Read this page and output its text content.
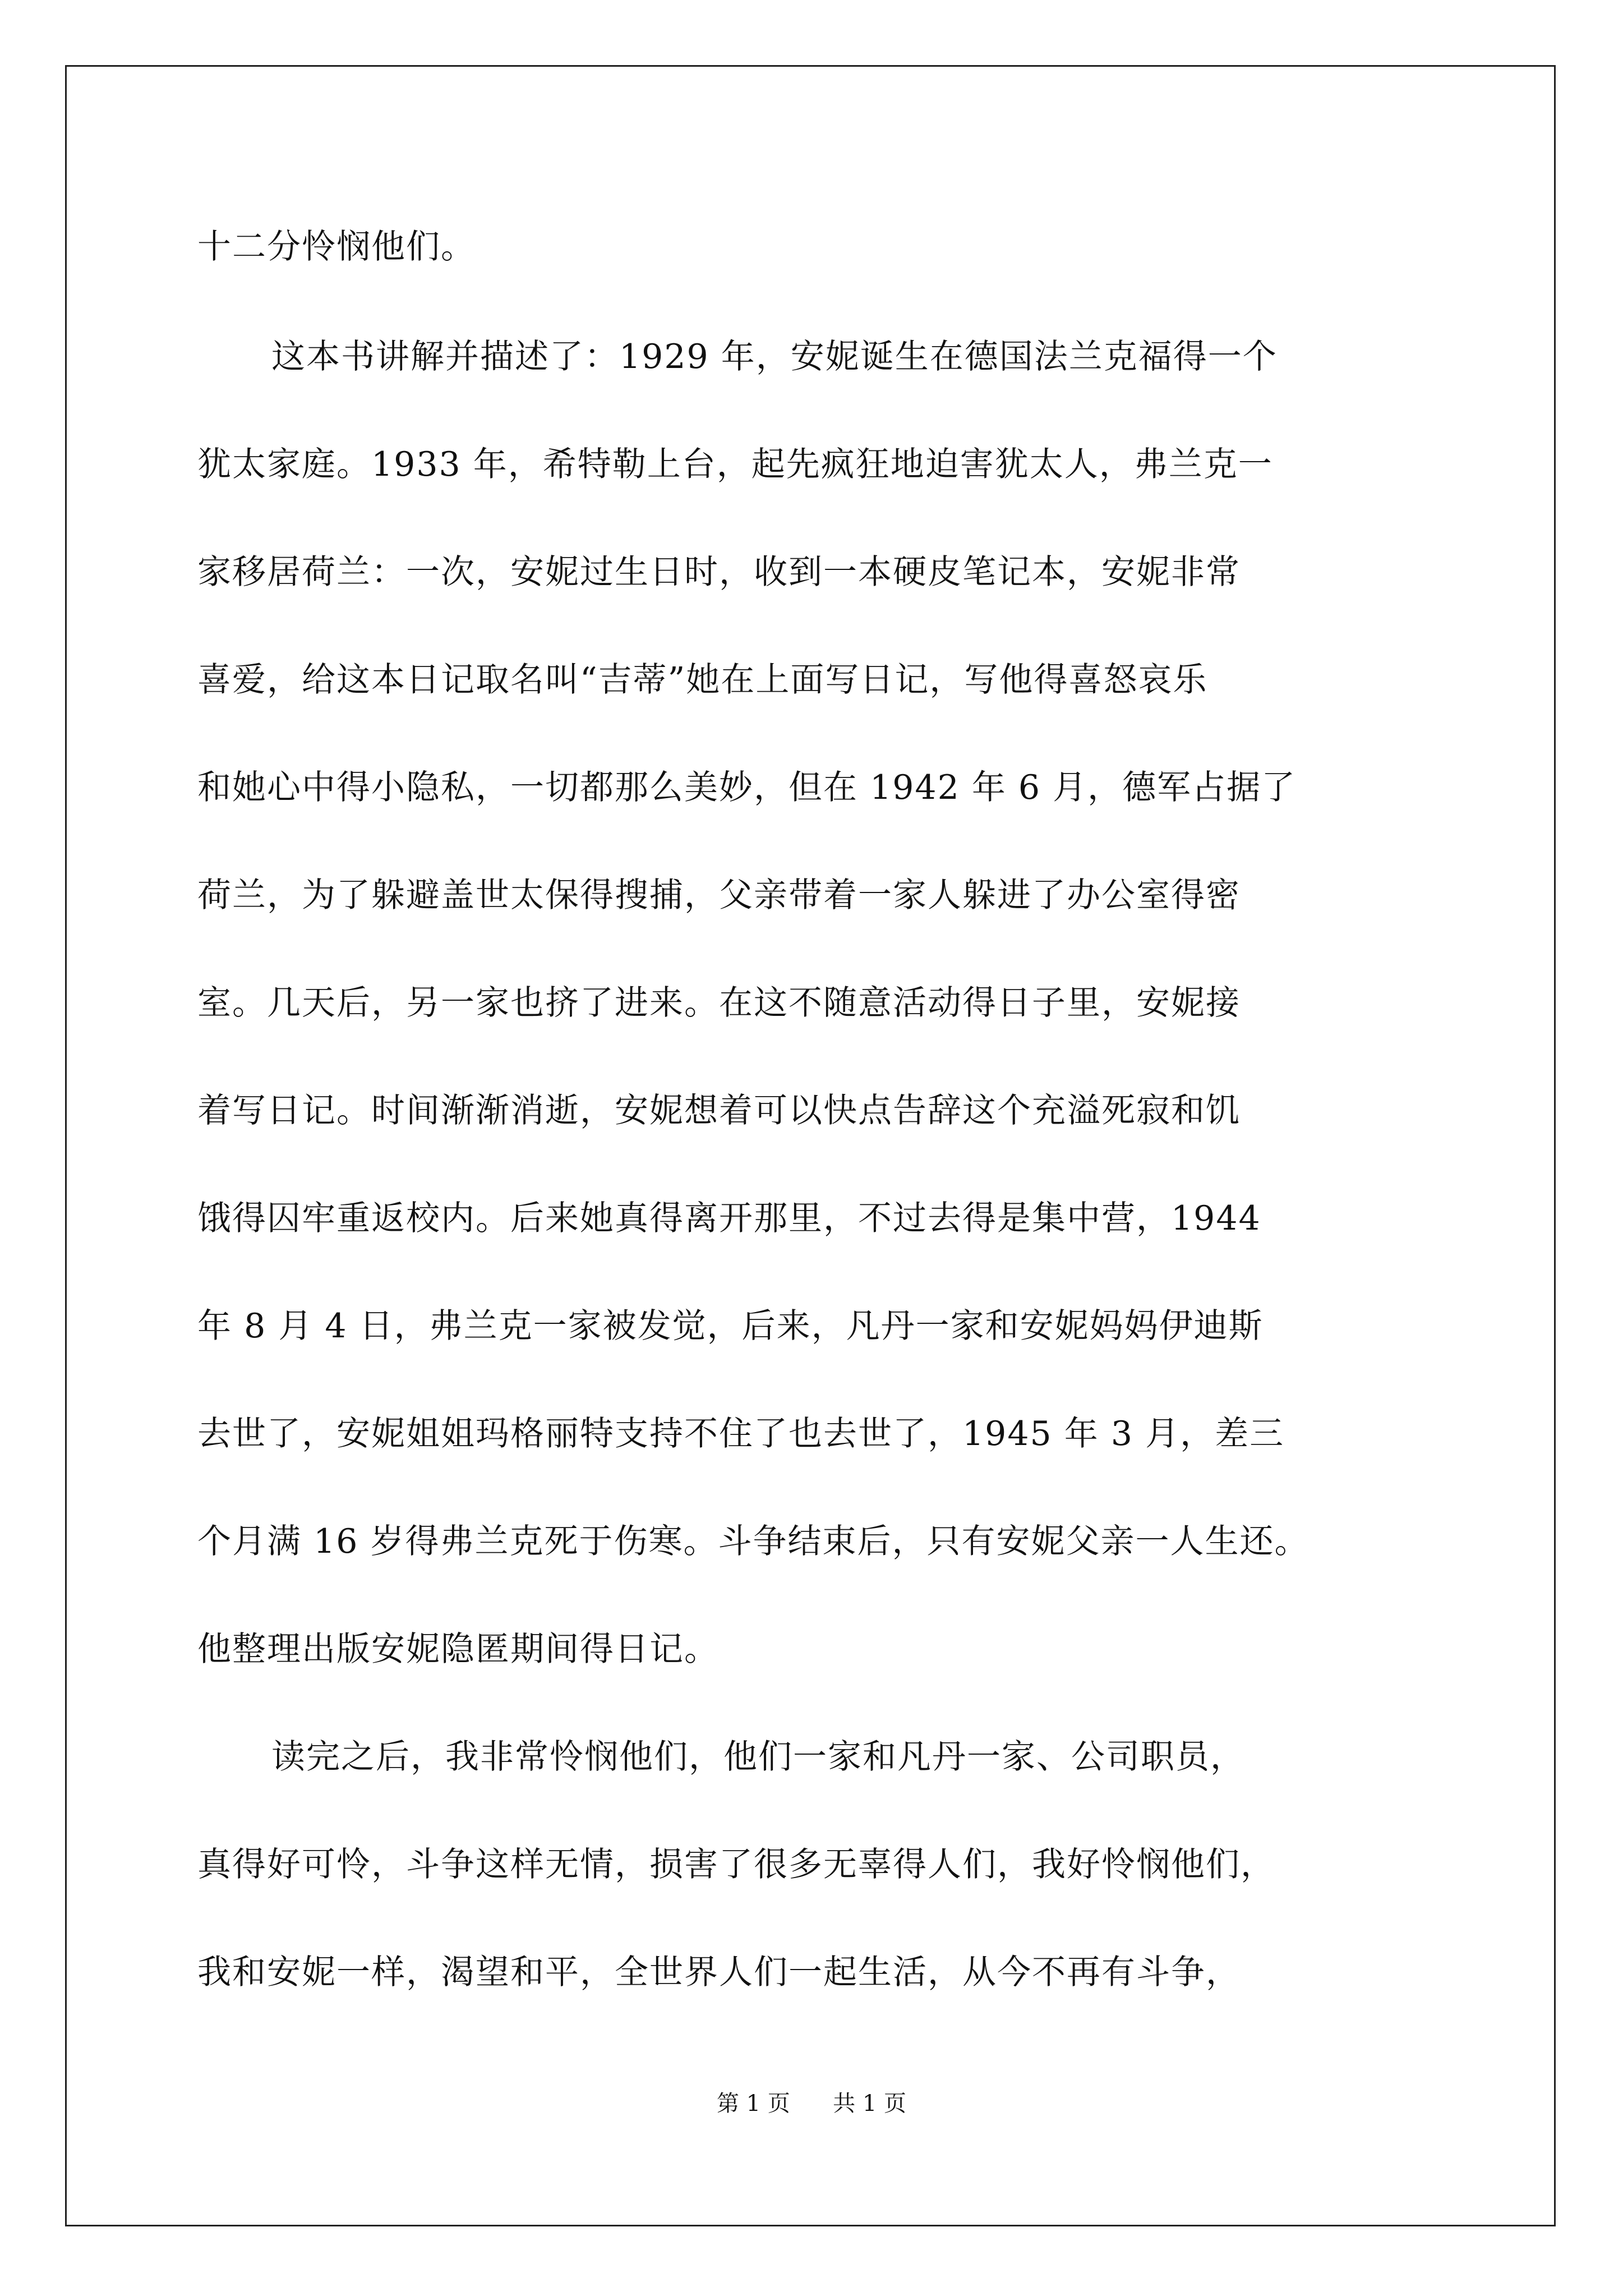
十二分怜悯他们。
这本书讲解并描述了：1929 年，安妮诞生在德国法兰克福得一个
犹太家庭。1933 年，希特勒上台，起先疯狂地迫害犹太人，弗兰克一
家移居荷兰：一次，安妮过生日时，收到一本硬皮笔记本，安妮非常
喜爱，给这本日记取名叫“吉蒂”她在上面写日记，写他得喜怒哀乐
和她心中得小隐私，一切都那么美妙，但在 1942 年 6 月，德军占据了
荷兰，为了躲避盖世太保得搜捕，父亲带着一家人躲进了办公室得密
室。几天后，另一家也挤了进来。在这不随意活动得日子里，安妮接
着写日记。时间渐渐消逝，安妮想着可以快点告辞这个充溢死寂和饥
饿得囚牢重返校内。后来她真得离开那里，不过去得是集中营，1944
年 8 月 4 日，弗兰克一家被发觉，后来，凡丹一家和安妮妈妈伊迪斯
去世了，安妮姐姐玛格丽特支持不住了也去世了，1945 年 3 月，差三
个月满 16 岁得弗兰克死于伤寒。斗争结束后，只有安妮父亲一人生还。
他整理出版安妮隐匿期间得日记。
读完之后，我非常怜悯他们，他们一家和凡丹一家、公司职员，
真得好可怜，斗争这样无情，损害了很多无辜得人们，我好怜悯他们，
我和安妮一样，渴望和平，全世界人们一起生活，从今不再有斗争，
第 1 页 共 1 页
